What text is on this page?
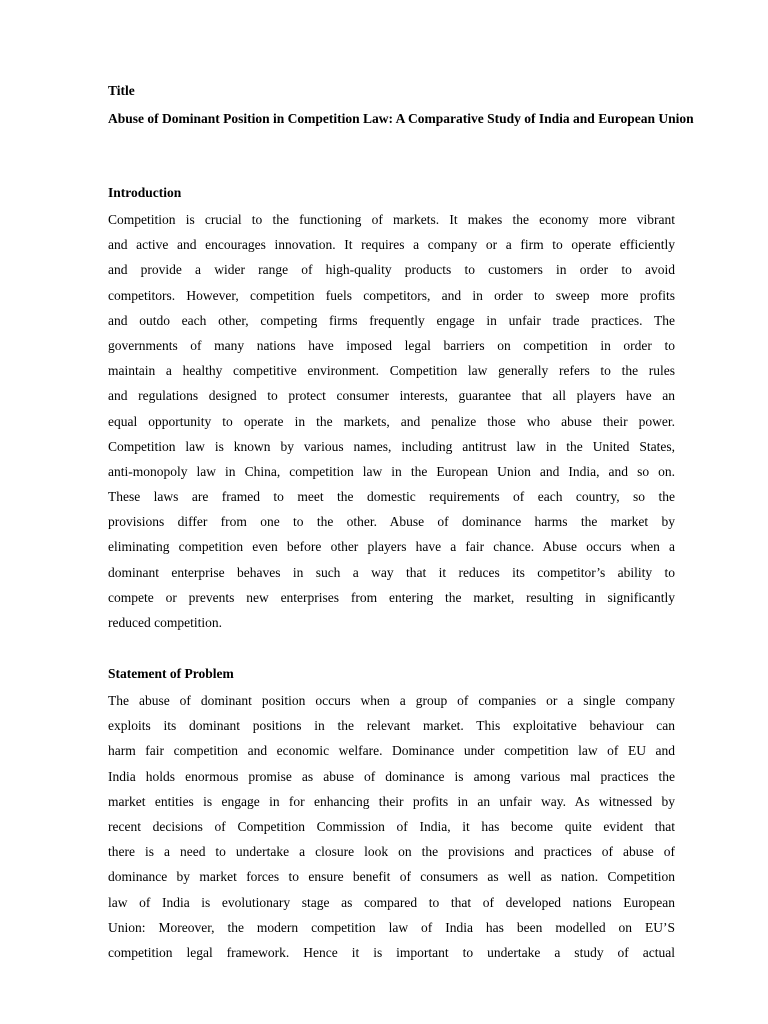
Title

Abuse of Dominant Position in Competition Law: A Comparative Study of India and European Union

Introduction

Competition is crucial to the functioning of markets. It makes the economy more vibrant
and active and encourages innovation. It requires a company or a firm to operate efficiently
and provide a wider range of high-quality products to customers in order to avoid
competitors. However, competition fuels competitors, and in order to sweep more profits
and outdo each other, competing firms frequently engage in unfair trade practices. The
governments of many nations have imposed legal barriers on competition in order to
maintain a healthy competitive environment. Competition law generally refers to the rules
and regulations designed to protect consumer interests, guarantee that all players have an
equal opportunity to operate in the markets, and penalize those who abuse their power.
Competition law is known by various names, including antitrust law in the United States,
anti-monopoly law in China, competition law in the European Union and India, and so on.
These laws are framed to meet the domestic requirements of each country, so the
provisions differ from one to the other. Abuse of dominance harms the market by
eliminating competition even before other players have a fair chance. Abuse occurs when a
dominant enterprise behaves in such a way that it reduces its competitor’s ability to
compete or prevents new enterprises from entering the market, resulting in significantly
reduced competition.

Statement of Problem

The abuse of dominant position occurs when a group of companies or a single company
exploits its dominant positions in the relevant market. This exploitative behaviour can
harm fair competition and economic welfare. Dominance under competition law of EU and
India holds enormous promise as abuse of dominance is among various mal practices the
market entities is engage in for enhancing their profits in an unfair way. As witnessed by
recent decisions of Competition Commission of India, it has become quite evident that
there is a need to undertake a closure look on the provisions and practices of abuse of
dominance by market forces to ensure benefit of consumers as well as nation. Competition
law of India is evolutionary stage as compared to that of developed nations European
Union: Moreover, the modern competition law of India has been modelled on EU’S
competition legal framework. Hence it is important to undertake a study of actual
